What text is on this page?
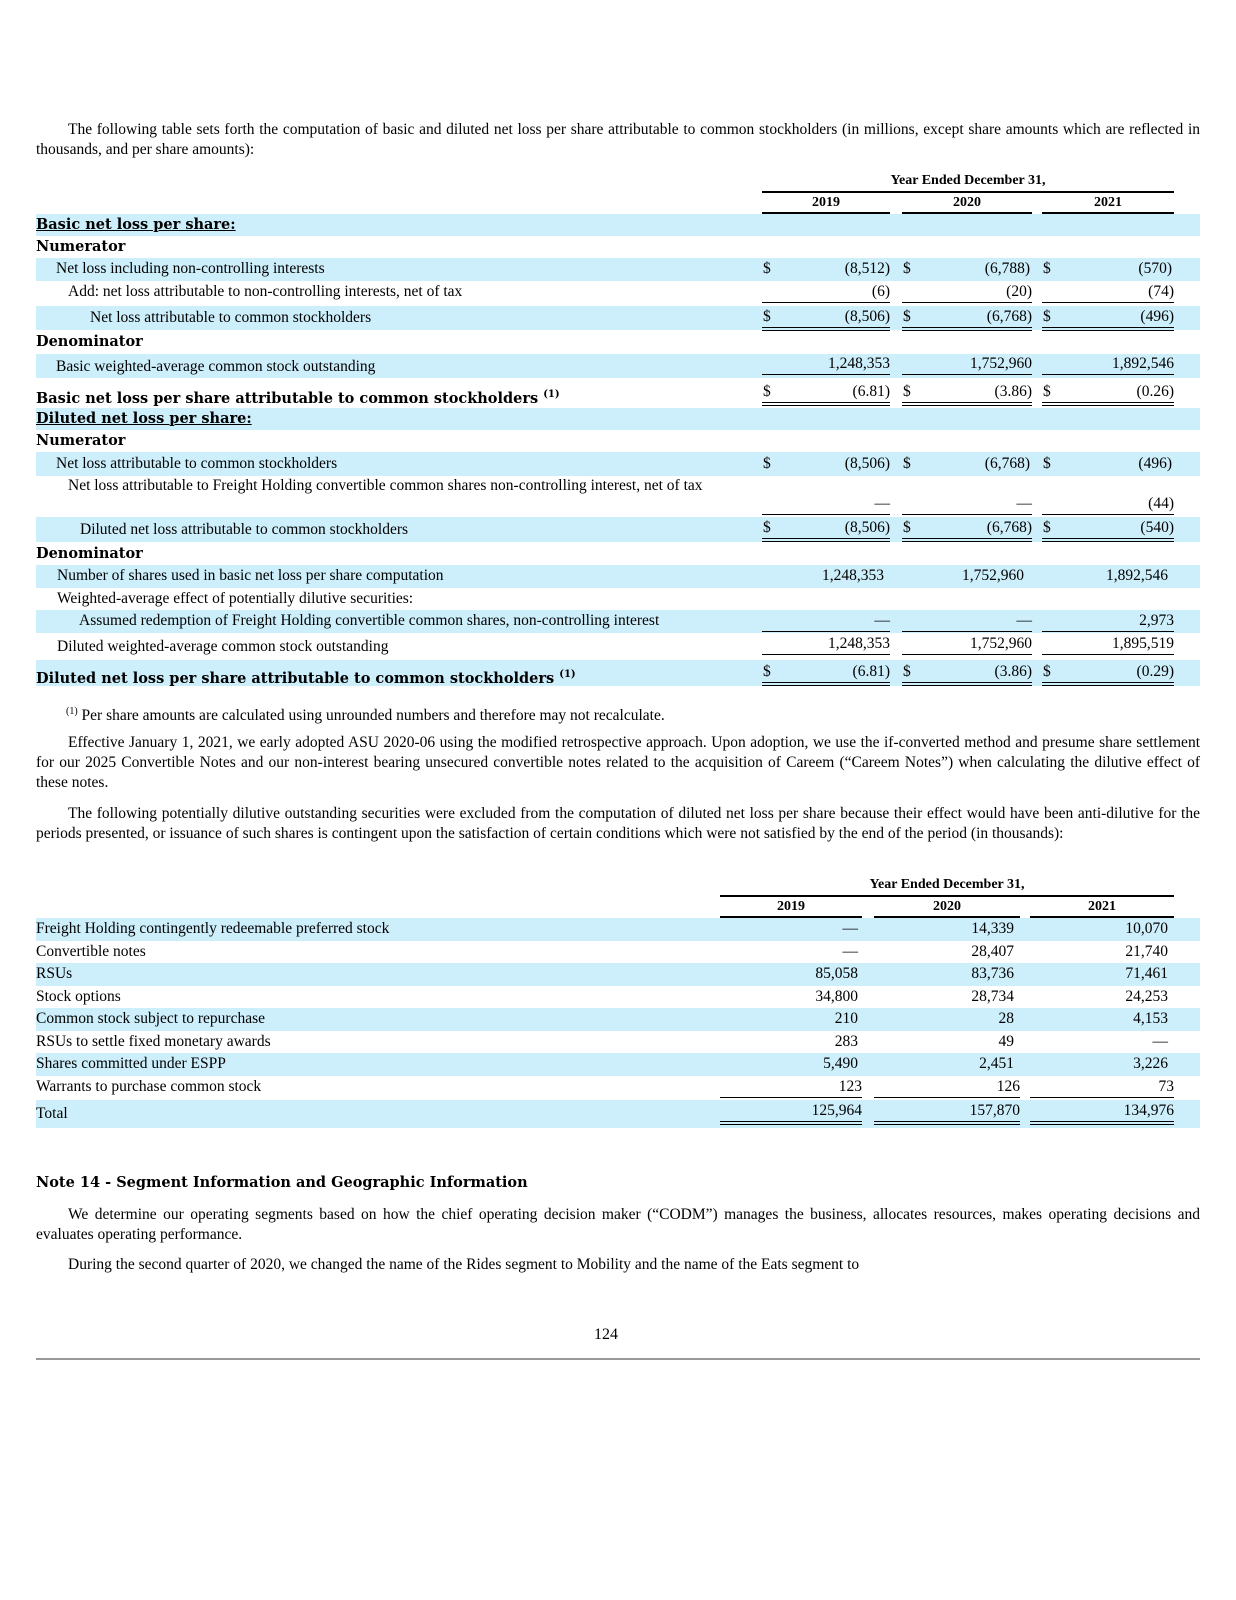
The following table sets forth the computation of basic and diluted net loss per share attributable to common stockholders (in millions, except share amounts which are reflected in thousands, and per share amounts):

Year Ended December 31,
2019	2020	2021
Basic net loss per share:
Numerator
Net loss including non-controlling interests	$	(8,512) $	(6,788) $	(570)
Add: net loss attributable to non-controlling interests, net of tax	(6)	(20)	(74)
Net loss attributable to common stockholders	$	(8,506) $	(6,768) $	(496)
Denominator
Basic weighted-average common stock outstanding	1,248,353	1,752,960	1,892,546
Basic net loss per share attributable to common stockholders $^{(1)}$	$	(6.81) $	(3.86) $	(0.26)
Diluted net loss per share:
Numerator
Net loss attributable to common stockholders	$	(8,506) $	(6,768) $	(496)
Net loss attributable to Freight Holding convertible common shares non-controlling interest, net of tax
—	—	(44)
Diluted net loss attributable to common stockholders	$	(8,506) $	(6,768) $	(540)
Denominator
Number of shares used in basic net loss per share computation	1,248,353	1,752,960	1,892,546
Weighted-average effect of potentially dilutive securities:
Assumed redemption of Freight Holding convertible common shares, non-controlling interest	—	—	2,973
Diluted weighted-average common stock outstanding	1,248,353	1,752,960	1,895,519
Diluted net loss per share attributable to common stockholders $^{(1)}$	$	(6.81) $	(3.86) $	(0.29)
$^{(1)}$ Per share amounts are calculated using unrounded numbers and therefore may not recalculate.

Effective January 1, 2021, we early adopted ASU 2020-06 using the modified retrospective approach. Upon adoption, we use the if-converted method and presume share settlement for our 2025 Convertible Notes and our non-interest bearing unsecured convertible notes related to the acquisition of Careem (“Careem Notes”) when calculating the dilutive effect of these notes.

The following potentially dilutive outstanding securities were excluded from the computation of diluted net loss per share because their effect would have been anti-dilutive for the periods presented, or issuance of such shares is contingent upon the satisfaction of certain conditions which were not satisfied by the end of the period (in thousands):

Year Ended December 31,
2019	2020	2021
Freight Holding contingently redeemable preferred stock	—	14,339	10,070
Convertible notes	—	28,407	21,740
RSUs	85,058	83,736	71,461
Stock options	34,800	28,734	24,253
Common stock subject to repurchase	210	28	4,153
RSUs to settle fixed monetary awards	283	49	—
Shares committed under ESPP	5,490	2,451	3,226
Warrants to purchase common stock	123	126	73
Total	125,964	157,870	134,976
Note 14 - Segment Information and Geographic Information

We determine our operating segments based on how the chief operating decision maker (“CODM”) manages the business, allocates resources, makes operating decisions and evaluates operating performance.

During the second quarter of 2020, we changed the name of the Rides segment to Mobility and the name of the Eats segment to

124
